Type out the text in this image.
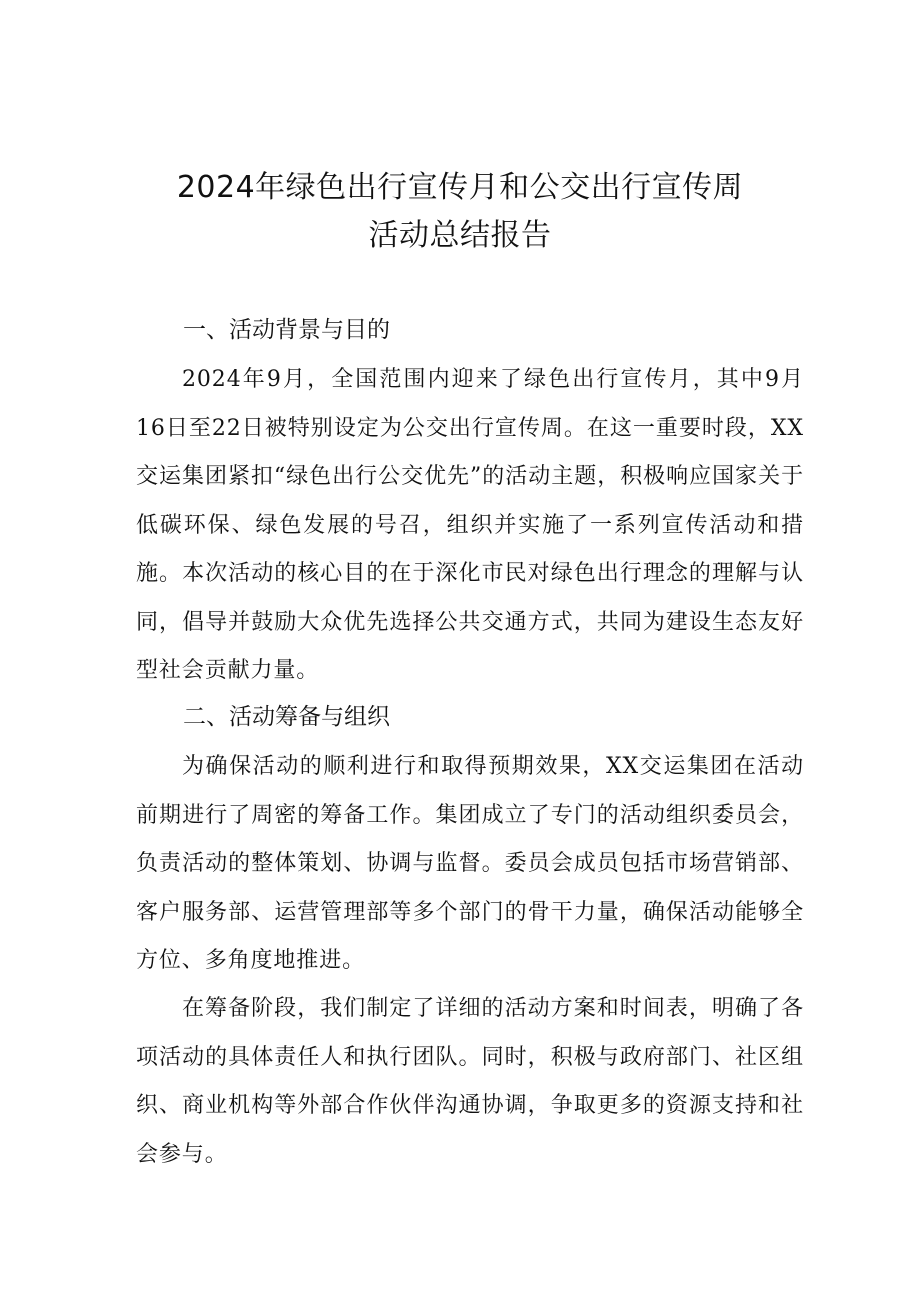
2024年绿色出行宣传月和公交出行宣传周
活动总结报告
一、活动背景与目的

2024年9月，全国范围内迎来了绿色出行宣传月，其中9月16日至22日被特别设定为公交出行宣传周。在这一重要时段，XX交运集团紧扣“绿色出行公交优先”的活动主题，积极响应国家关于低碳环保、绿色发展的号召，组织并实施了一系列宣传活动和措施。本次活动的核心目的在于深化市民对绿色出行理念的理解与认同，倡导并鼓励大众优先选择公共交通方式，共同为建设生态友好型社会贡献力量。

二、活动筹备与组织

为确保活动的顺利进行和取得预期效果，XX交运集团在活动前期进行了周密的筹备工作。集团成立了专门的活动组织委员会，负责活动的整体策划、协调与监督。委员会成员包括市场营销部、客户服务部、运营管理部等多个部门的骨干力量，确保活动能够全方位、多角度地推进。

在筹备阶段，我们制定了详细的活动方案和时间表，明确了各项活动的具体责任人和执行团队。同时，积极与政府部门、社区组织、商业机构等外部合作伙伴沟通协调，争取更多的资源支持和社会参与。
